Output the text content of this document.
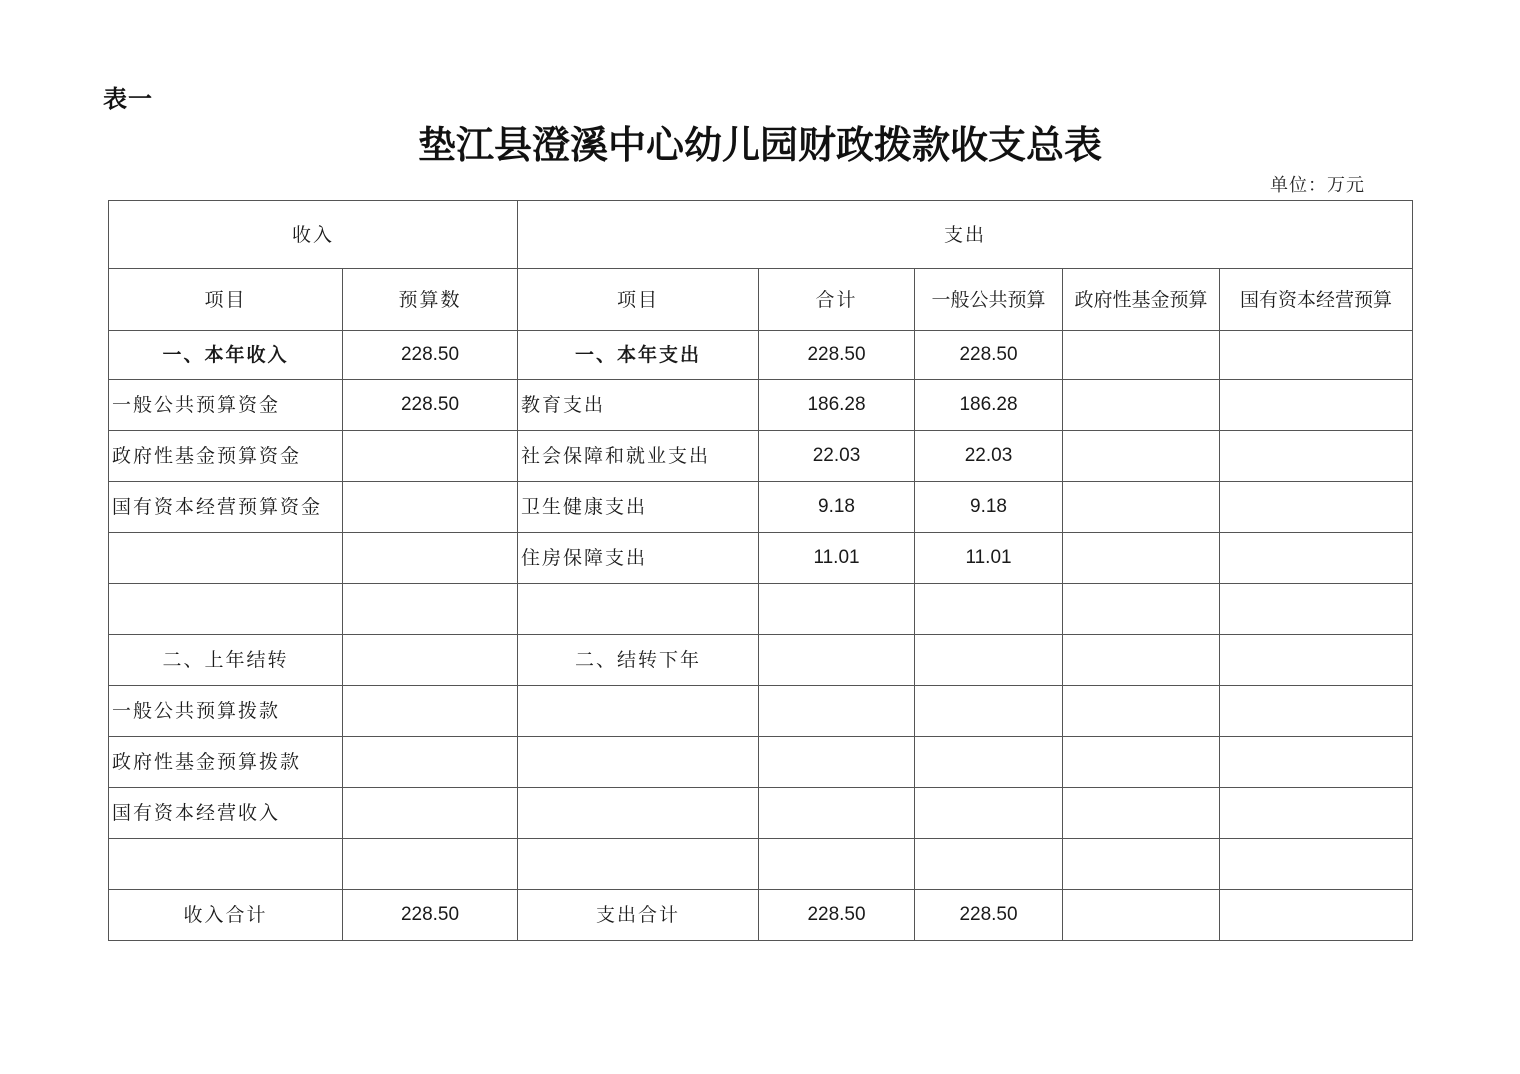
表一
垫江县澄溪中心幼儿园财政拨款收支总表
单位：万元
收入		支出				
项目	预算数	项目	合计	一般公共预算	政府性基金预算	国有资本经营预算
一、本年收入	228.50	一、本年支出	228.50	228.50		
一般公共预算资金	228.50	教育支出	186.28	186.28		
政府性基金预算资金		社会保障和就业支出	22.03	22.03		
国有资本经营预算资金		卫生健康支出	9.18	9.18		
		住房保障支出	11.01	11.01		

二、上年结转		二、结转下年				
一般公共预算拨款						
政府性基金预算拨款						
国有资本经营收入						

收入合计	228.50	支出合计	228.50	228.50		
